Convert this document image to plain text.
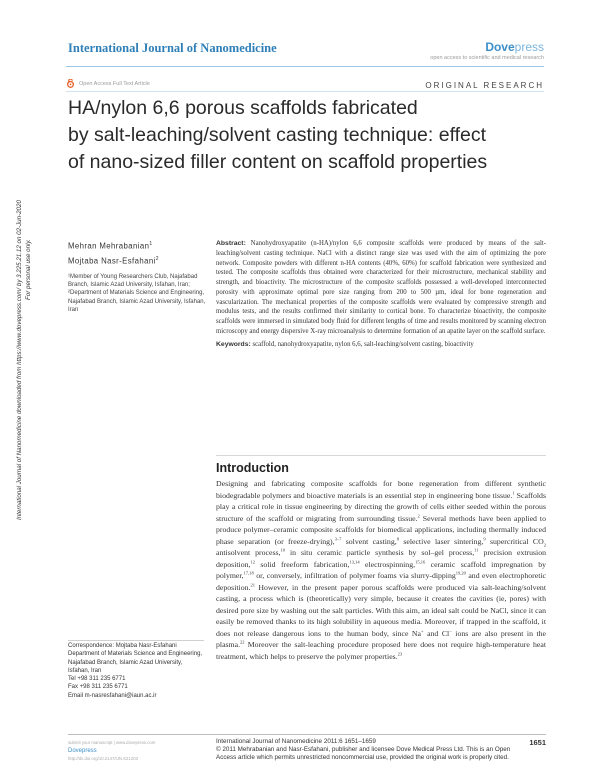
International Journal of Nanomedicine	Dovepress
open access to scientific and medical research
Open Access Full Text Article	ORIGINAL RESEARCH
HA/nylon 6,6 porous scaffolds fabricated
by salt-leaching/solvent casting technique: effect
of nano-sized filler content on scaffold properties
International Journal of Nanomedicine downloaded from https://www.dovepress.com/ by 3.225.21.12 on 02-Jun-2020 For personal use only.	Mehran Mehrabanian$^1$
Mojtaba Nasr-Esfahani$^2$
¹Member of Young Researchers Club, Najafabad Branch, Islamic Azad University, Isfahan, Iran; ²Department of Materials Science and Engineering, Najafabad Branch, Islamic Azad University, Isfahan, Iran
Abstract: Nanohydroxyapatite (n-HA)/nylon 6,6 composite scaffolds were produced by means of the salt-leaching/solvent casting technique. NaCl with a distinct range size was used with the aim of optimizing the pore network. Composite powders with different n-HA contents (40%, 60%) for scaffold fabrication were synthesized and tested. The composite scaffolds thus obtained were characterized for their microstructure, mechanical stability and strength, and bioactivity. The microstructure of the composite scaffolds possessed a well-developed interconnected porosity with approximate optimal pore size ranging from 200 to 500 µm, ideal for bone regeneration and vascularization. The mechanical properties of the composite scaffolds were evaluated by compressive strength and modulus tests, and the results confirmed their similarity to cortical bone. To characterize bioactivity, the composite scaffolds were immersed in simulated body fluid for different lengths of time and results monitored by scanning electron microscopy and energy dispersive X-ray microanalysis to determine formation of an apatite layer on the scaffold surface.
Keywords: scaffold, nanohydroxyapatite, nylon 6,6, salt-leaching/solvent casting, bioactivity
Introduction
Designing and fabricating composite scaffolds for bone regeneration from different synthetic biodegradable polymers and bioactive materials is an essential step in engineering bone tissue.$^1$ Scaffolds play a critical role in tissue engineering by directing the growth of cells either seeded within the porous structure of the scaffold or migrating from surrounding tissue.$^2$ Several methods have been applied to produce polymer–ceramic composite scaffolds for biomedical applications, including thermally induced phase separation (or freeze-drying),$^{3-7}$ solvent casting,$^8$ selective laser sintering,$^9$ supercritical $CO_2$ antisolvent process,$^{10}$ in situ ceramic particle synthesis by sol–gel process,$^{11}$ precision extrusion deposition,$^{12}$ solid freeform fabrication,$^{13,14}$ electrospinning,$^{15,16}$ ceramic scaffold impregnation by polymer,$^{17,18}$ or, conversely, infiltration of polymer foams via slurry-dipping$^{19,20}$ and even electrophoretic deposition.$^{21}$ However, in the present paper porous scaffolds were produced via salt-leaching/solvent casting, a process which is (theoretically) very simple, because it creates the cavities (ie, pores) with desired pore size by washing out the salt particles. With this aim, an ideal salt could be NaCl, since it can easily be removed thanks to its high solubility in aqueous media. Moreover, if trapped in the scaffold, it does not release dangerous ions to the human body, since Na+ and Cl− ions are also present in the plasma.$^{22}$ Moreover the salt-leaching procedure proposed here does not require high-temperature heat treatment, which helps to preserve the polymer properties.$^{23}$
Correspondence: Mojtaba Nasr-Esfahani
Department of Materials Science and Engineering, Najafabad Branch, Islamic Azad University, Isfahan, Iran
Tel +98 311 235 6771
Fax +98 311 235 6771
Email m-nasresfahani@iaun.ac.ir
submit your manuscript | www.dovepress.com
Dovepress
http://dx.doi.org/10.2147/IJN.S21203
International Journal of Nanomedicine 2011:6 1651–1659
© 2011 Mehrabanian and Nasr-Esfahani, publisher and licensee Dove Medical Press Ltd. This is an Open
Access article which permits unrestricted noncommercial use, provided the original work is properly cited.
1651
